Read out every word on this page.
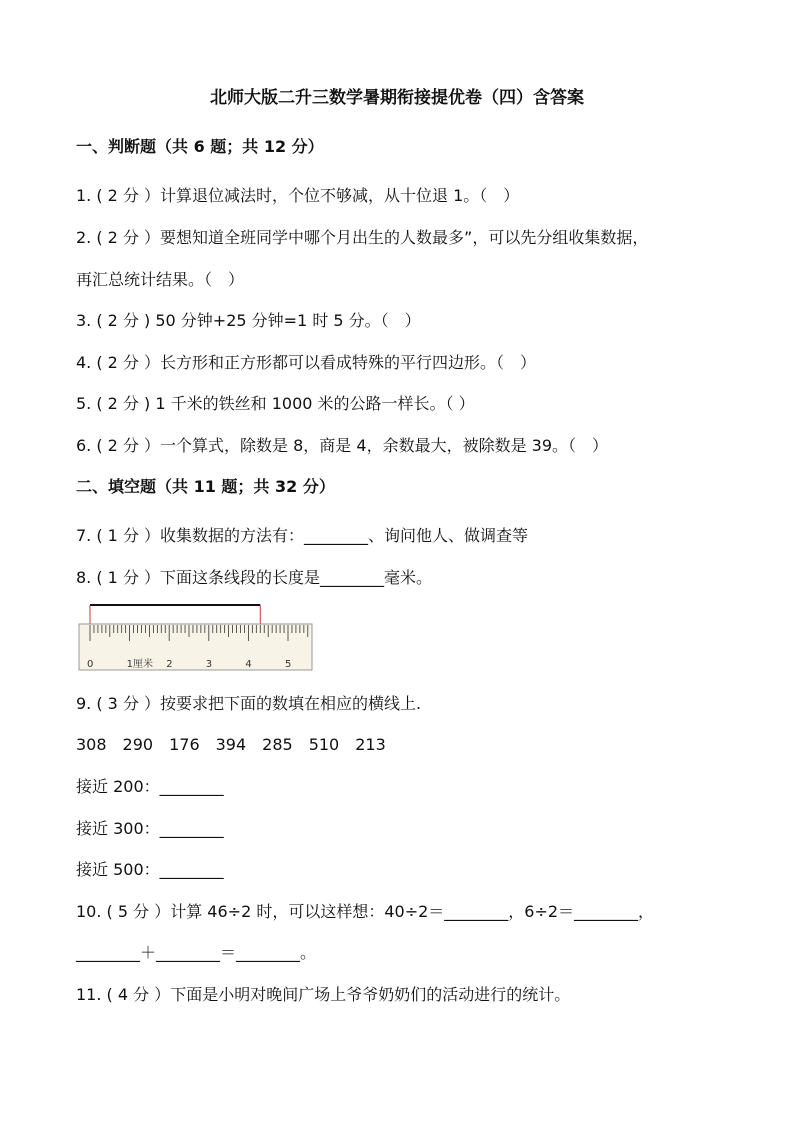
北师大版二升三数学暑期衔接提优卷（四）含答案
一、判断题（共 6 题；共 12 分）
1. ( 2 分 ）计算退位减法时，个位不够减，从十位退 1。（　）
2. ( 2 分 ）要想知道全班同学中哪个月出生的人数最多”，可以先分组收集数据，
再汇总统计结果。（　）
3. ( 2 分 ) 50 分钟+25 分钟=1 时 5 分。（　）
4. ( 2 分 ）长方形和正方形都可以看成特殊的平行四边形。（　）
5. ( 2 分 ) 1 千米的铁丝和 1000 米的公路一样长。（ ）
6. ( 2 分 ）一个算式，除数是 8，商是 4，余数最大，被除数是 39。（　）
二、填空题（共 11 题；共 32 分）
7. ( 1 分 ）收集数据的方法有：________、询问他人、做调查等
8. ( 1 分 ）下面这条线段的长度是________毫米。
0	1厘米 2	3	4	5
9. ( 3 分 ）按要求把下面的数填在相应的横线上.
308　290　176　394　285　510　213
接近 200：________
接近 300：________
接近 500：________
10. ( 5 分 ）计算 46÷2 时，可以这样想：40÷2＝________，6÷2＝________，
________＋________＝________。
11. ( 4 分 ）下面是小明对晚间广场上爷爷奶奶们的活动进行的统计。
